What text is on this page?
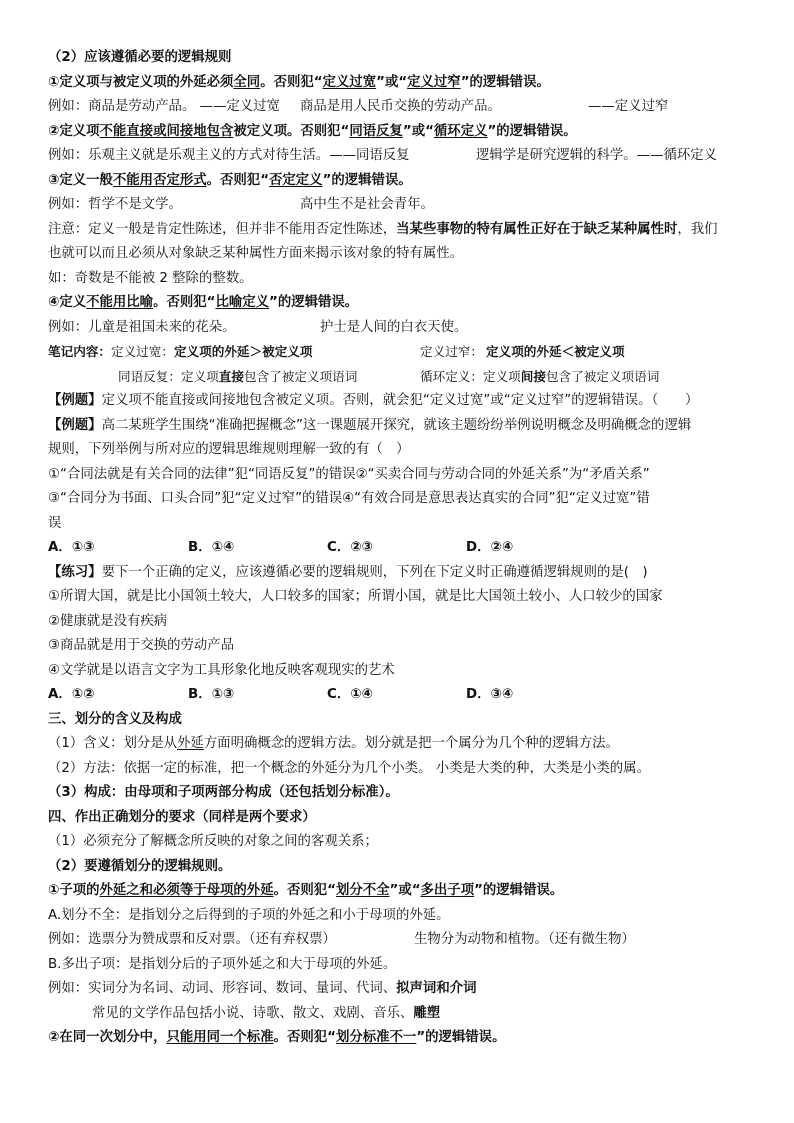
（2）应该遵循必要的逻辑规则
①定义项与被定义项的外延必须全同。否则犯“定义过宽”或“定义过窄”的逻辑错误。
例如：商品是劳动产品。 ——定义过宽 商品是用人民币交换的劳动产品。	——定义过窄
②定义项不能直接或间接地包含被定义项。否则犯“同语反复”或“循环定义”的逻辑错误。
例如：乐观主义就是乐观主义的方式对待生活。——同语反复	逻辑学是研究逻辑的科学。——循环定义
③定义一般不能用否定形式。否则犯“否定定义”的逻辑错误。
例如：哲学不是文学。	高中生不是社会青年。
注意：定义一般是肯定性陈述，但并非不能用否定性陈述，当某些事物的特有属性正好在于缺乏某种属性时，我们
也就可以而且必须从对象缺乏某种属性方面来揭示该对象的特有属性。
如：奇数是不能被 2 整除的整数。
④定义不能用比喻。否则犯“比喻定义”的逻辑错误。
例如：儿童是祖国未来的花朵。	护士是人间的白衣天使。
笔记内容：定义过宽：定义项的外延＞被定义项	定义过窄： 定义项的外延＜被定义项
同语反复：定义项直接包含了被定义项语词	循环定义：定义项间接包含了被定义项语词
【例题】定义项不能直接或间接地包含被定义项。否则，就会犯“定义过宽”或“定义过窄”的逻辑错误。（　　）
【例题】高二某班学生围绕“准确把握概念”这一课题展开探究，就该主题纷纷举例说明概念及明确概念的逻辑
规则，下列举例与所对应的逻辑思维规则理解一致的有（　）
①“合同法就是有关合同的法律”犯“同语反复”的错误②“买卖合同与劳动合同的外延关系”为“矛盾关系”
③“合同分为书面、口头合同”犯“定义过窄”的错误④“有效合同是意思表达真实的合同”犯“定义过宽”错
误
A．①③	B．①④	C．②③	D．②④
【练习】要下一个正确的定义，应该遵循必要的逻辑规则，下列在下定义时正确遵循逻辑规则的是(　)
①所谓大国，就是比小国领土较大，人口较多的国家；所谓小国，就是比大国领土较小、人口较少的国家
②健康就是没有疾病
③商品就是用于交换的劳动产品
④文学就是以语言文字为工具形象化地反映客观现实的艺术
A．①②	B．①③	C．①④	D．③④
三、划分的含义及构成
（1）含义：划分是从外延方面明确概念的逻辑方法。划分就是把一个属分为几个种的逻辑方法。
（2）方法：依据一定的标准，把一个概念的外延分为几个小类。 小类是大类的种，大类是小类的属。
（3）构成：由母项和子项两部分构成（还包括划分标准）。
四、作出正确划分的要求（同样是两个要求）
（1）必须充分了解概念所反映的对象之间的客观关系；
（2）要遵循划分的逻辑规则。
①子项的外延之和必须等于母项的外延。否则犯“划分不全”或“多出子项”的逻辑错误。
A.划分不全：是指划分之后得到的子项的外延之和小于母项的外延。
例如：选票分为赞成票和反对票。（还有弃权票）	生物分为动物和植物。（还有微生物）
B.多出子项：是指划分后的子项外延之和大于母项的外延。
例如：实词分为名词、动词、形容词、数词、量词、代词、拟声词和介词
常见的文学作品包括小说、诗歌、散文、戏剧、音乐、雕塑
②在同一次划分中，只能用同一个标准。否则犯“划分标准不一”的逻辑错误。
